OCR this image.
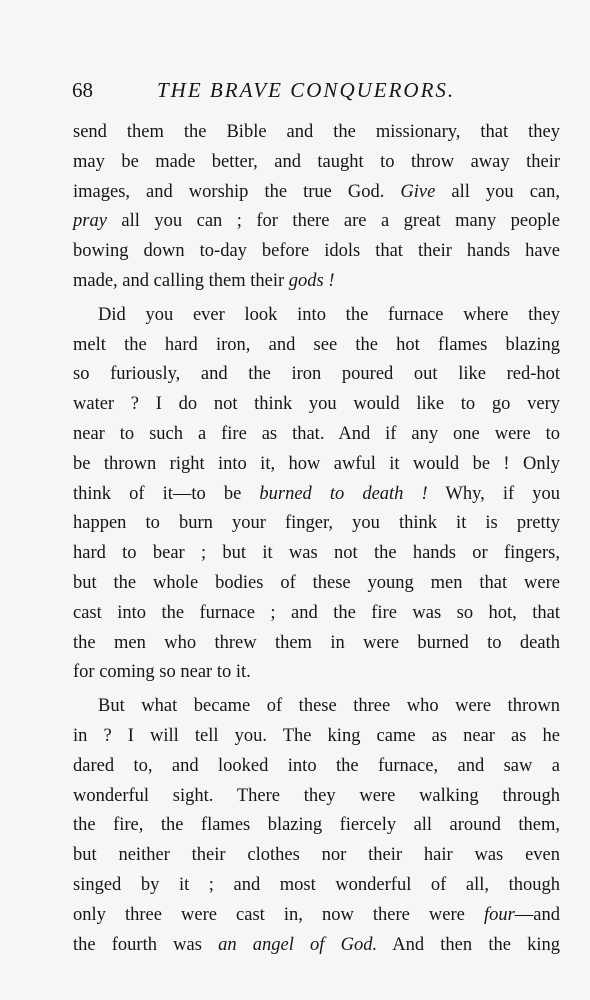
68	THE BRAVE CONQUERORS.
send them the Bible and the missionary, that they
may be made better, and taught to throw away their
images, and worship the true God. Give all you can,
pray all you can ; for there are a great many people
bowing down to-day before idols that their hands have
made, and calling them their gods !
Did you ever look into the furnace where they
melt the hard iron, and see the hot flames blazing
so furiously, and the iron poured out like red-hot
water ? I do not think you would like to go very
near to such a fire as that. And if any one were to
be thrown right into it, how awful it would be ! Only
think of it—to be burned to death ! Why, if you
happen to burn your finger, you think it is pretty
hard to bear ; but it was not the hands or fingers,
but the whole bodies of these young men that were
cast into the furnace ; and the fire was so hot, that
the men who threw them in were burned to death
for coming so near to it.
But what became of these three who were thrown
in ? I will tell you. The king came as near as he
dared to, and looked into the furnace, and saw a
wonderful sight. There they were walking through
the fire, the flames blazing fiercely all around them,
but neither their clothes nor their hair was even
singed by it ; and most wonderful of all, though
only three were cast in, now there were four—and
the fourth was an angel of God. And then the king
